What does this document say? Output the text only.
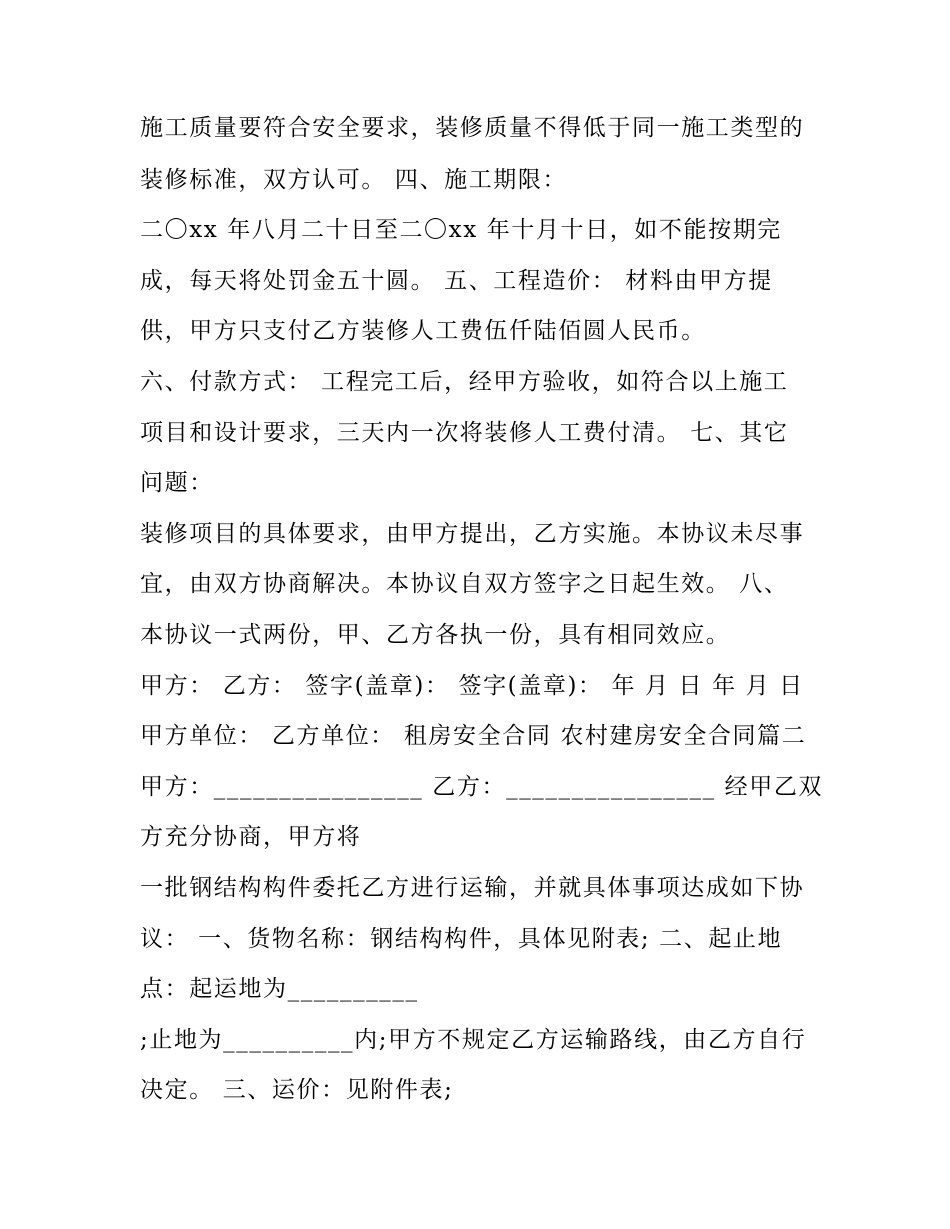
施工质量要符合安全要求，装修质量不得低于同一施工类型的
装修标准，双方认可。 四、施工期限：
二〇xx 年八月二十日至二〇xx 年十月十日，如不能按期完
成，每天将处罚金五十圆。 五、工程造价： 材料由甲方提
供，甲方只支付乙方装修人工费伍仟陆佰圆人民币。
六、付款方式： 工程完工后，经甲方验收，如符合以上施工
项目和设计要求，三天内一次将装修人工费付清。 七、其它
问题：
装修项目的具体要求，由甲方提出，乙方实施。本协议未尽事
宜，由双方协商解决。本协议自双方签字之日起生效。 八、
本协议一式两份，甲、乙方各执一份，具有相同效应。
甲方： 乙方： 签字(盖章)： 签字(盖章)： 年 月 日 年 月 日
甲方单位： 乙方单位： 租房安全合同 农村建房安全合同篇二
甲方：________________ 乙方：________________ 经甲乙双
方充分协商，甲方将
一批钢结构构件委托乙方进行运输，并就具体事项达成如下协
议： 一、货物名称：钢结构构件，具体见附表; 二、起止地
点：起运地为__________
;止地为__________内;甲方不规定乙方运输路线，由乙方自行
决定。 三、运价：见附件表;
